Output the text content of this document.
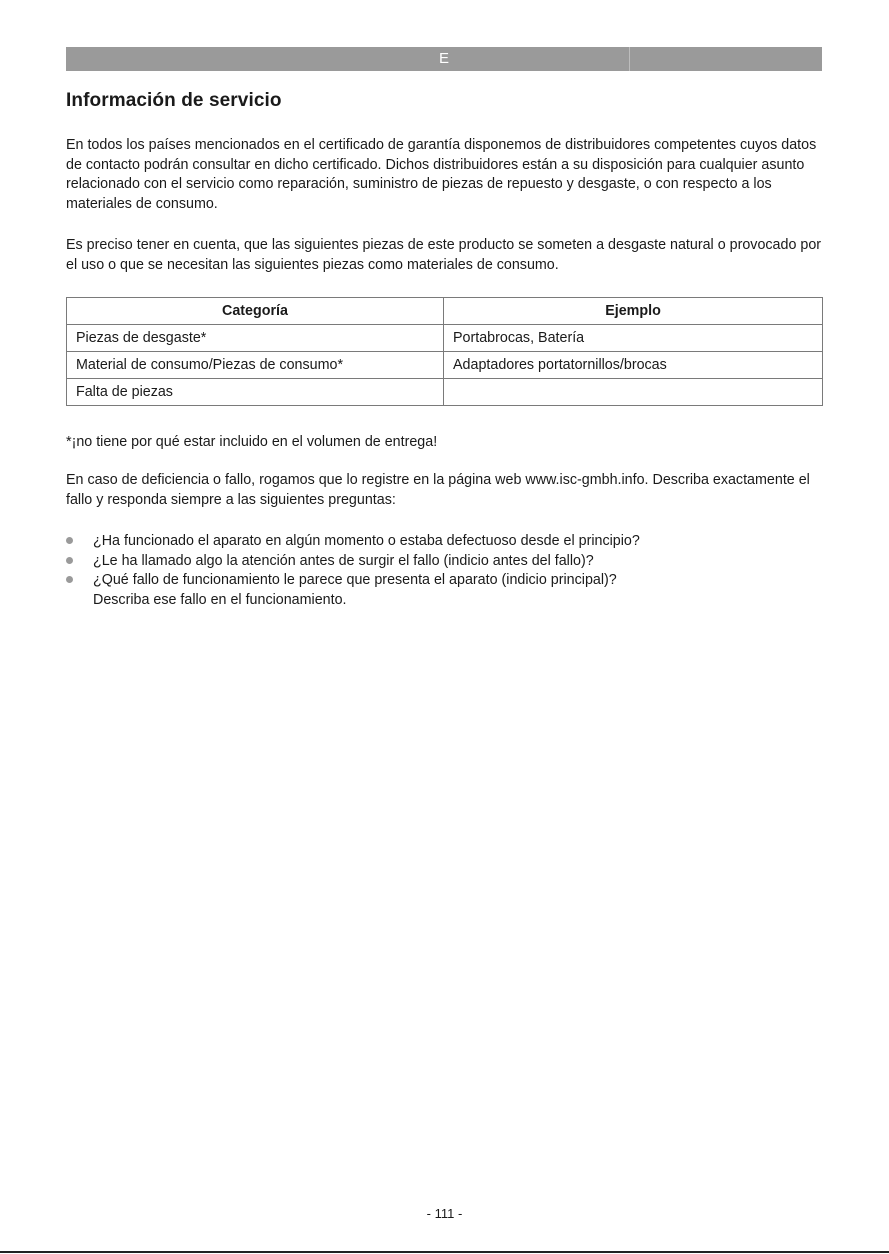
E
Información de servicio

En todos los países mencionados en el certificado de garantía disponemos de distribuidores competentes cuyos datos de contacto podrán consultar en dicho certificado. Dichos distribuidores están a su disposición para cualquier asunto relacionado con el servicio como reparación, suministro de piezas de repuesto y desgaste, o con respecto a los materiales de consumo.

Es preciso tener en cuenta, que las siguientes piezas de este producto se someten a desgaste natural o provocado por el uso o que se necesitan las siguientes piezas como materiales de consumo.

Categoría	Ejemplo
Piezas de desgaste*	Portabrocas, Batería
Material de consumo/Piezas de consumo*	Adaptadores portatornillos/brocas
Falta de piezas	

*¡no tiene por qué estar incluido en el volumen de entrega!

En caso de deficiencia o fallo, rogamos que lo registre en la página web www.isc-gmbh.info. Describa exactamente el fallo y responda siempre a las siguientes preguntas:

¿Ha funcionado el aparato en algún momento o estaba defectuoso desde el principio?
¿Le ha llamado algo la atención antes de surgir el fallo (indicio antes del fallo)?
¿Qué fallo de funcionamiento le parece que presenta el aparato (indicio principal)?
Describa ese fallo en el funcionamiento.
- 111 -
